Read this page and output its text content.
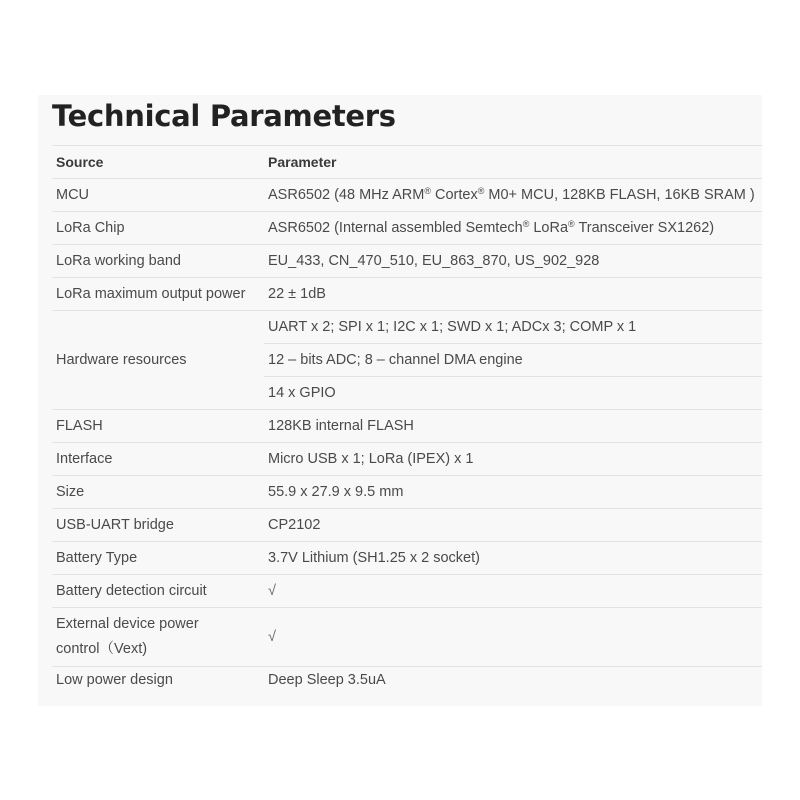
Technical Parameters
Source	Parameter
MCU	ASR6502 (48 MHz ARM® Cortex® M0+ MCU, 128KB FLASH, 16KB SRAM )
LoRa Chip	ASR6502 (Internal assembled Semtech® LoRa® Transceiver SX1262)
LoRa working band	EU_433, CN_470_510, EU_863_870, US_902_928
LoRa maximum output power	22 ± 1dB
Hardware resources	UART x 2; SPI x 1; I2C x 1; SWD x 1; ADCx 3; COMP x 1
	12 – bits ADC; 8 – channel DMA engine
	14 x GPIO
FLASH	128KB internal FLASH
Interface	Micro USB x 1; LoRa (IPEX) x 1
Size	55.9 x 27.9 x 9.5 mm
USB-UART bridge	CP2102
Battery Type	3.7V Lithium (SH1.25 x 2 socket)
Battery detection circuit	√
External device power
control（Vext)	√
Low power design	Deep Sleep 3.5uA
